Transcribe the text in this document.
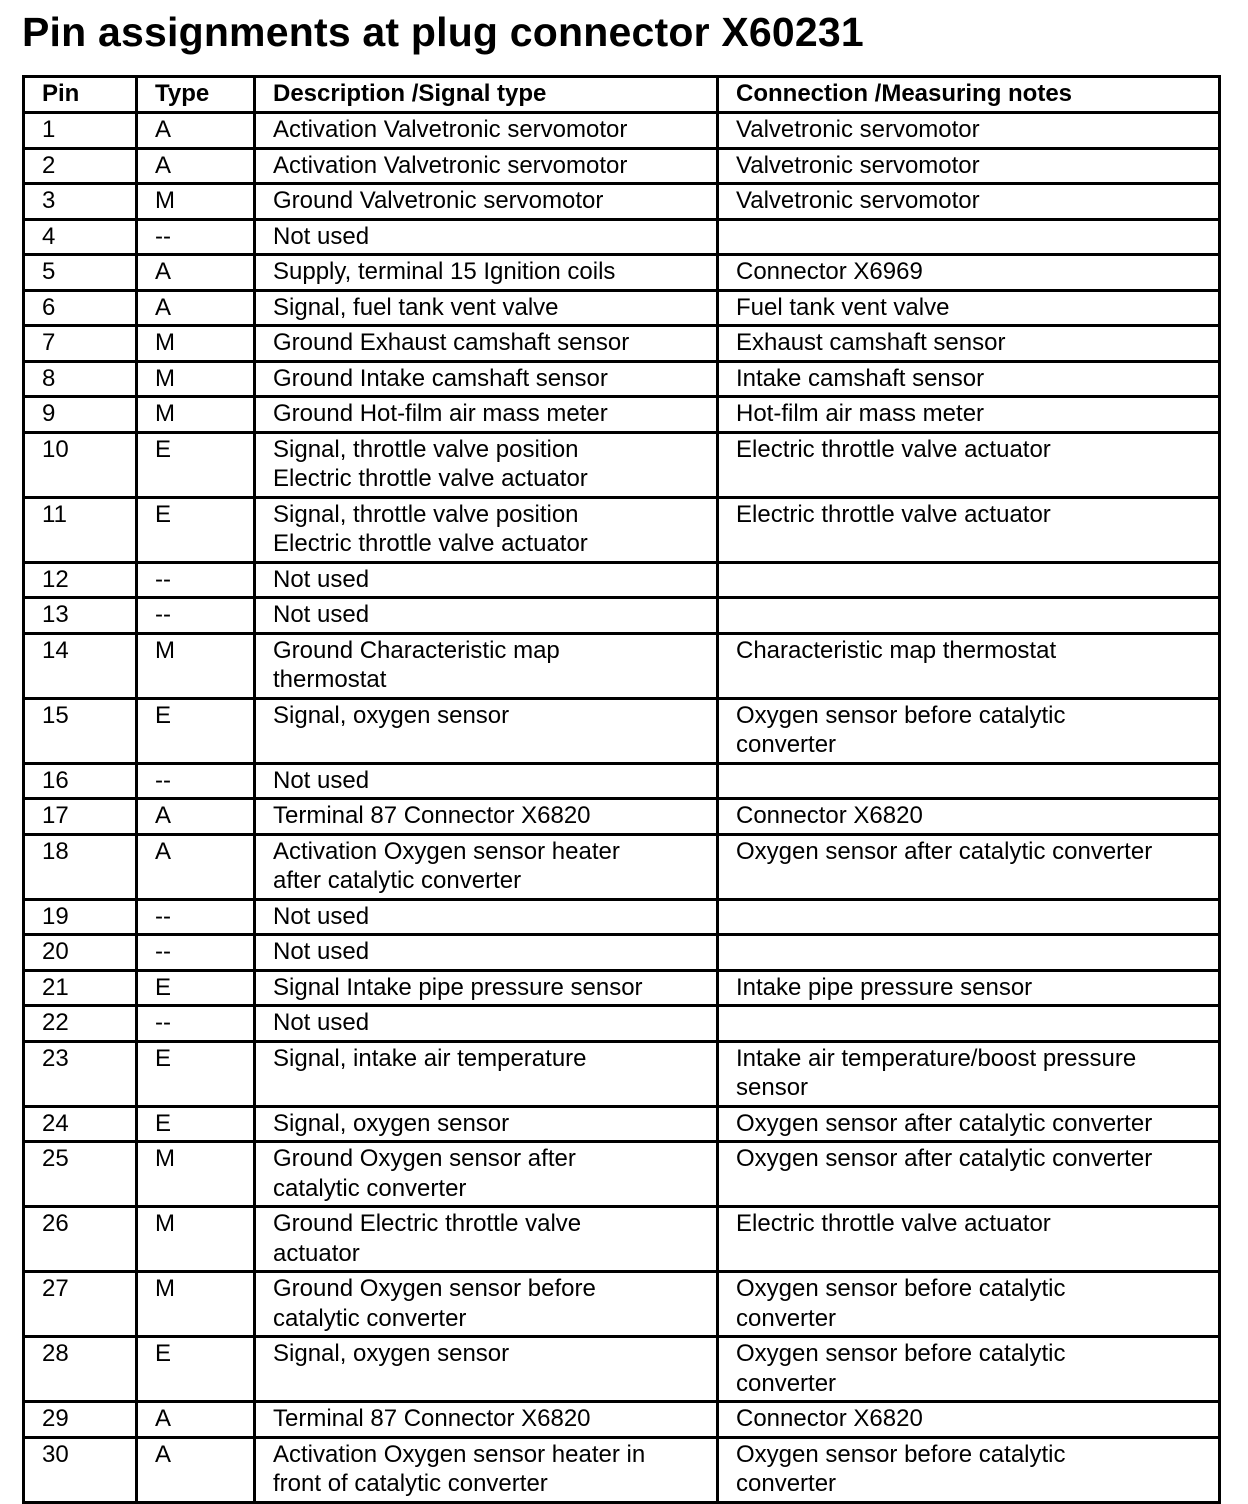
Pin assignments at plug connector X60231
Pin	Type	Description /Signal type	Connection /Measuring notes
1	A	Activation Valvetronic servomotor	Valvetronic servomotor

2	A	Activation Valvetronic servomotor	Valvetronic servomotor

3	M	Ground Valvetronic servomotor	Valvetronic servomotor

4	--	Not used	

5	A	Supply, terminal 15 Ignition coils	Connector X6969

6	A	Signal, fuel tank vent valve	Fuel tank vent valve

7	M	Ground Exhaust camshaft sensor	Exhaust camshaft sensor

8	M	Ground Intake camshaft sensor	Intake camshaft sensor

9	M	Ground Hot-film air mass meter	Hot-film air mass meter

10	E	Signal, throttle valve position
Electric throttle valve actuator	Electric throttle valve actuator

11	E	Signal, throttle valve position
Electric throttle valve actuator	Electric throttle valve actuator

12	--	Not used	

13	--	Not used	

14	M	Ground Characteristic map
thermostat	Characteristic map thermostat

15	E	Signal, oxygen sensor	Oxygen sensor before catalytic
converter

16	--	Not used	

17	A	Terminal 87 Connector X6820	Connector X6820

18	A	Activation Oxygen sensor heater
after catalytic converter	Oxygen sensor after catalytic converter

19	--	Not used	

20	--	Not used	

21	E	Signal Intake pipe pressure sensor	Intake pipe pressure sensor

22	--	Not used	

23	E	Signal, intake air temperature	Intake air temperature/boost pressure
sensor

24	E	Signal, oxygen sensor	Oxygen sensor after catalytic converter

25	M	Ground Oxygen sensor after
catalytic converter	Oxygen sensor after catalytic converter

26	M	Ground Electric throttle valve
actuator	Electric throttle valve actuator

27	M	Ground Oxygen sensor before
catalytic converter	Oxygen sensor before catalytic
converter

28	E	Signal, oxygen sensor	Oxygen sensor before catalytic
converter

29	A	Terminal 87 Connector X6820	Connector X6820

30	A	Activation Oxygen sensor heater in
front of catalytic converter	Oxygen sensor before catalytic
converter
